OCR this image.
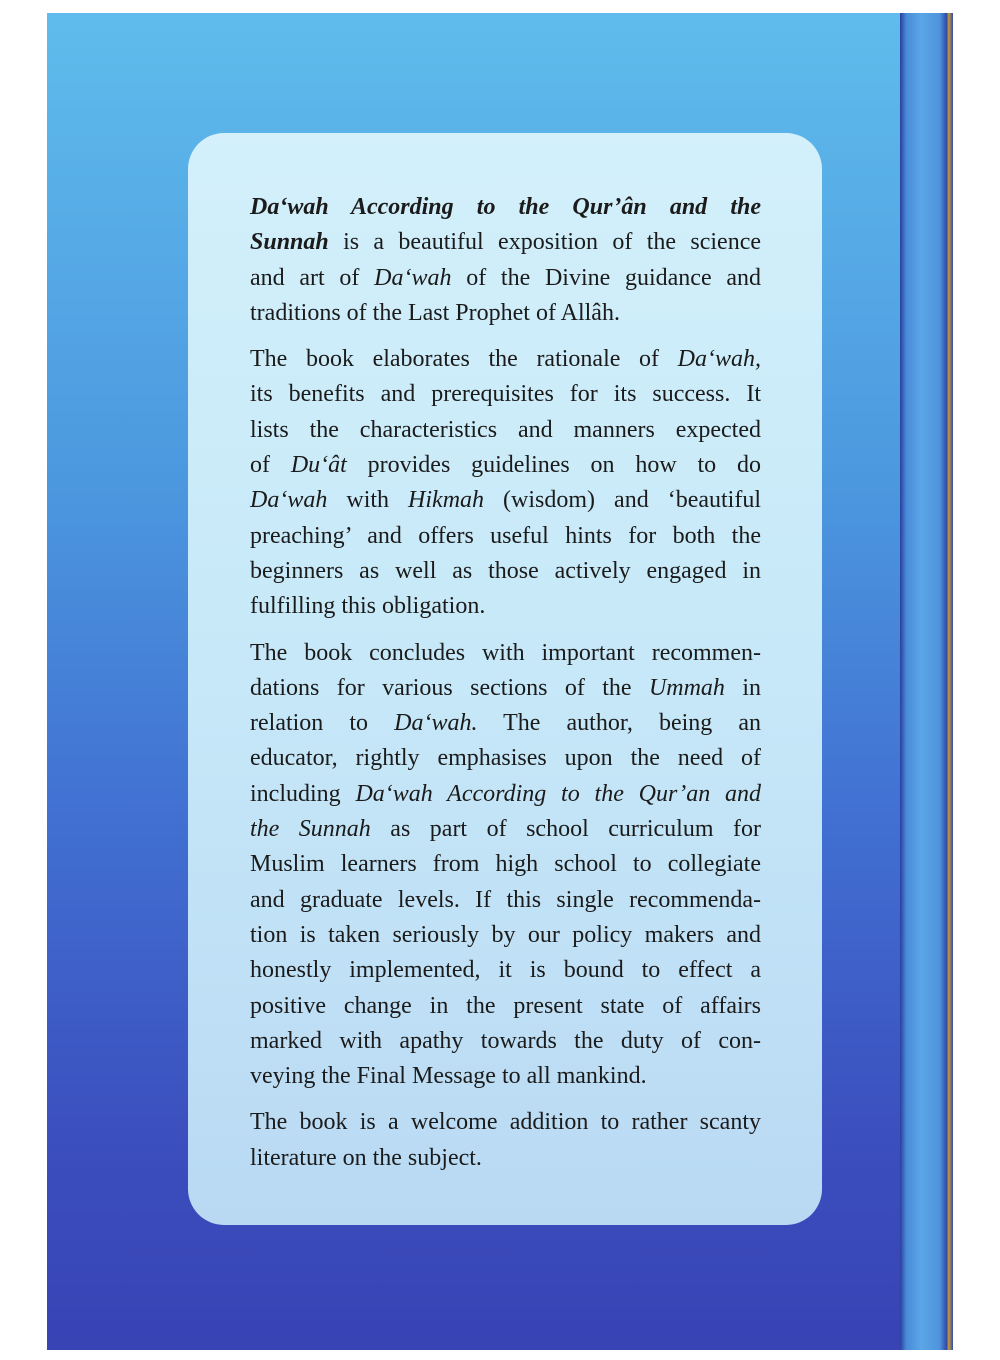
Da‘wah According to the Qur’ân and the
Sunnah is a beautiful exposition of the science
and art of Da‘wah of the Divine guidance and
traditions of the Last Prophet of Allâh.
The book elaborates the rationale of Da‘wah,
its benefits and prerequisites for its success. It
lists the characteristics and manners expected
of Du‘ât provides guidelines on how to do
Da‘wah with Hikmah (wisdom) and ‘beautiful
preaching’ and offers useful hints for both the
beginners as well as those actively engaged in
fulfilling this obligation.
The book concludes with important recommen-
dations for various sections of the Ummah in
relation to Da‘wah. The author, being an
educator, rightly emphasises upon the need of
including Da‘wah According to the Qur’an and
the Sunnah as part of school curriculum for
Muslim learners from high school to collegiate
and graduate levels. If this single recommenda-
tion is taken seriously by our policy makers and
honestly implemented, it is bound to effect a
positive change in the present state of affairs
marked with apathy towards the duty of con-
veying the Final Message to all mankind.
The book is a welcome addition to rather scanty
literature on the subject.
